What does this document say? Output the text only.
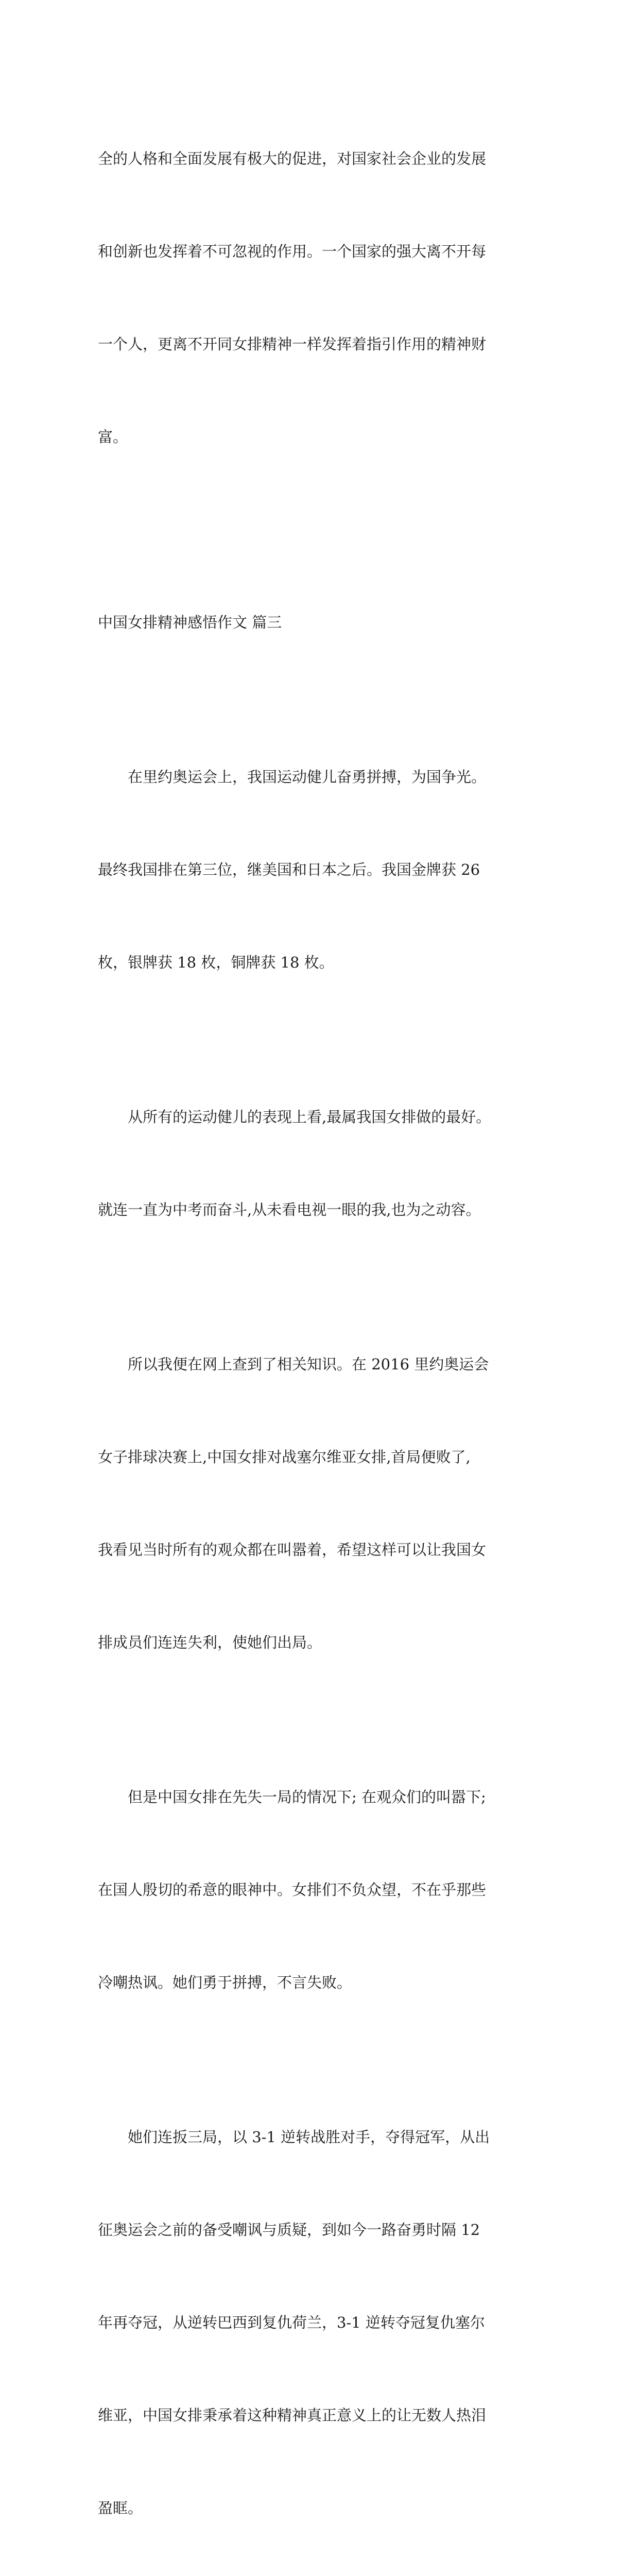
全的人格和全面发展有极大的促进，对国家社会企业的发展

和创新也发挥着不可忽视的作用。一个国家的强大离不开每

一个人，更离不开同女排精神一样发挥着指引作用的精神财

富。

中国女排精神感悟作文 篇三

在里约奥运会上，我国运动健儿奋勇拼搏，为国争光。

最终我国排在第三位，继美国和日本之后。我国金牌获 26

枚，银牌获 18 枚，铜牌获 18 枚。

从所有的运动健儿的表现上看,最属我国女排做的最好。

就连一直为中考而奋斗,从未看电视一眼的我,也为之动容。

所以我便在网上查到了相关知识。在 2016 里约奥运会

女子排球决赛上,中国女排对战塞尔维亚女排,首局便败了,

我看见当时所有的观众都在叫嚣着，希望这样可以让我国女

排成员们连连失利，使她们出局。

但是中国女排在先失一局的情况下; 在观众们的叫嚣下;

在国人殷切的希意的眼神中。女排们不负众望，不在乎那些

冷嘲热讽。她们勇于拼搏，不言失败。

她们连扳三局，以 3-1 逆转战胜对手，夺得冠军，从出

征奥运会之前的备受嘲讽与质疑，到如今一路奋勇时隔 12

年再夺冠，从逆转巴西到复仇荷兰，3-1 逆转夺冠复仇塞尔

维亚，中国女排秉承着这种精神真正意义上的让无数人热泪

盈眶。
